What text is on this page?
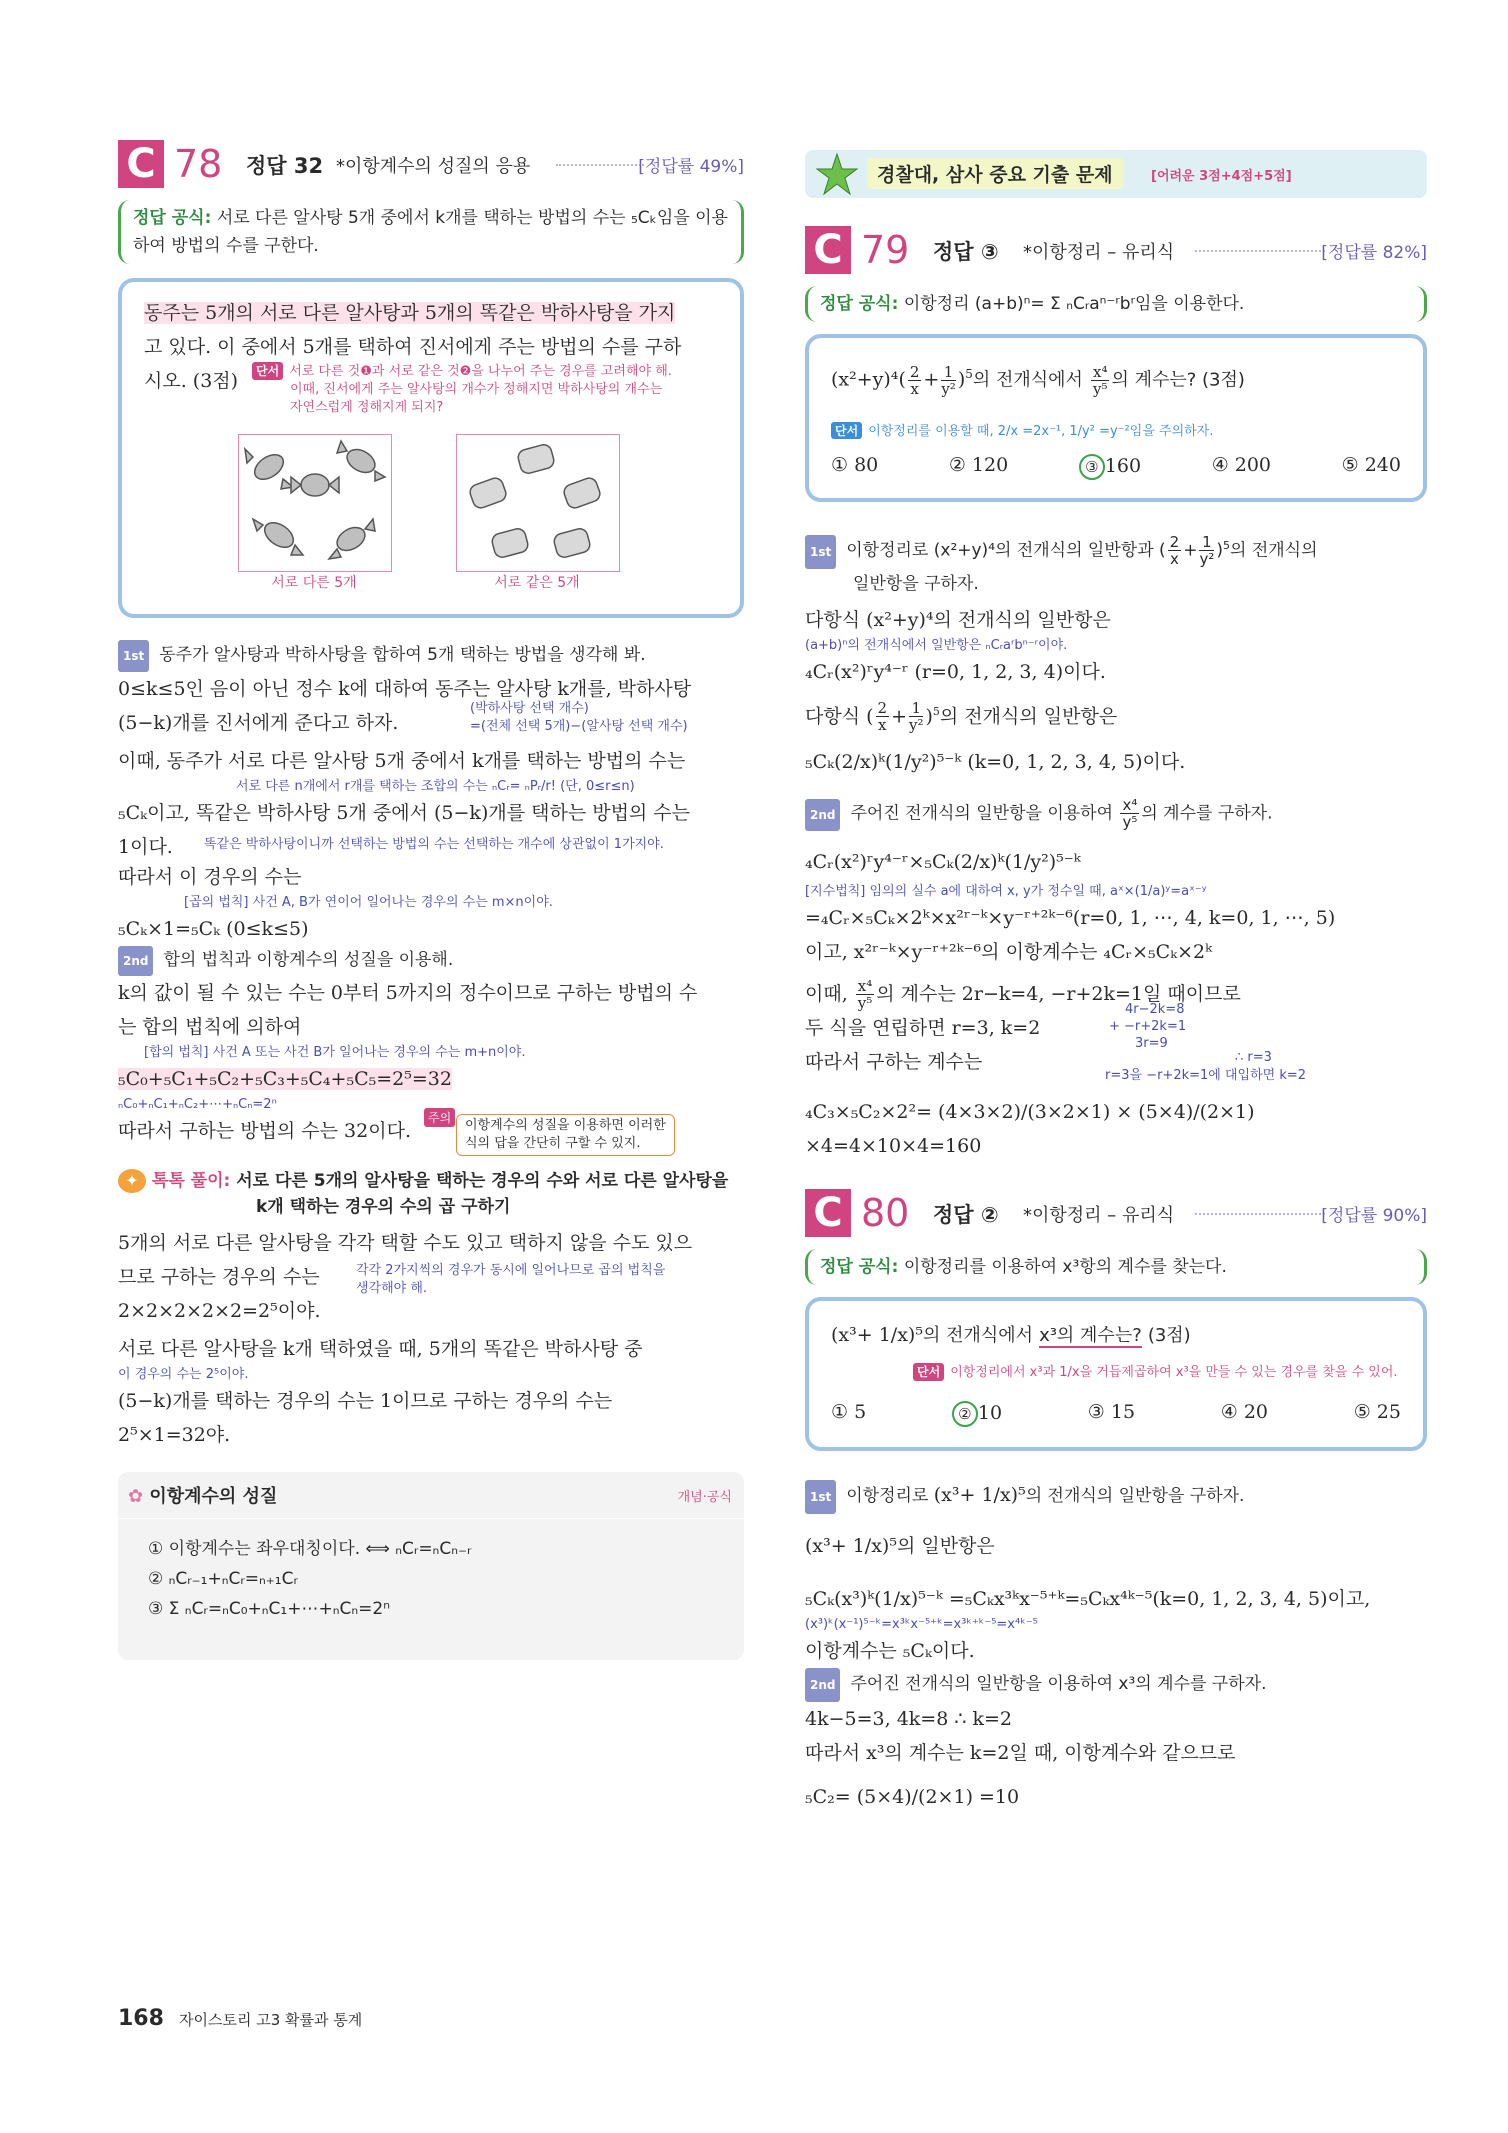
C 78 정답 32 *이항계수의 성질의 응용	[정답률 49%]
정답 공식: 서로 다른 알사탕 5개 중에서 k개를 택하는 방법의 수는 ₅Cₖ임을 이용
하여 방법의 수를 구한다.
동주는 5개의 서로 다른 알사탕과 5개의 똑같은 박하사탕을 가지
고 있다. 이 중에서 5개를 택하여 진서에게 주는 방법의 수를 구하
시오. (3점)	단서 서로 다른 것❶과 서로 같은 것❷을 나누어 주는 경우를 고려해야 해.
이때, 진서에게 주는 알사탕의 개수가 정해지면 박하사탕의 개수는
자연스럽게 정해지게 되지?
서로 다른 5개	서로 같은 5개
1st 동주가 알사탕과 박하사탕을 합하여 5개 택하는 방법을 생각해 봐.
0≤k≤5인 음이 아닌 정수 k에 대하여 동주는 알사탕 k개를, 박하사탕
(5−k)개를 진서에게 준다고 하자.
(박하사탕 선택 개수)
=(전체 선택 5개)−(알사탕 선택 개수)
이때, 동주가 서로 다른 알사탕 5개 중에서 k개를 택하는 방법의 수는
서로 다른 n개에서 r개를 택하는 조합의 수는 ₙCᵣ= ₙPᵣ/r! (단, 0≤r≤n)
₅Cₖ이고, 똑같은 박하사탕 5개 중에서 (5−k)개를 택하는 방법의 수는
1이다.	똑같은 박하사탕이니까 선택하는 방법의 수는 선택하는 개수에 상관없이 1가지야.
따라서 이 경우의 수는
[곱의 법칙] 사건 A, B가 연이어 일어나는 경우의 수는 m×n이야.
₅Cₖ×1=₅Cₖ (0≤k≤5)
2nd 합의 법칙과 이항계수의 성질을 이용해.
k의 값이 될 수 있는 수는 0부터 5까지의 정수이므로 구하는 방법의 수
는 합의 법칙에 의하여
[합의 법칙] 사건 A 또는 사건 B가 일어나는 경우의 수는 m+n이야.
₅C₀+₅C₁+₅C₂+₅C₃+₅C₄+₅C₅=2⁵=32
ₙC₀+ₙC₁+ₙC₂+⋯+ₙCₙ=2ⁿ
따라서 구하는 방법의 수는 32이다.
주의	이항계수의 성질을 이용하면 이러한
식의 답을 간단히 구할 수 있지.
✦ 톡톡 풀이: 서로 다른 5개의 알사탕을 택하는 경우의 수와 서로 다른 알사탕을
k개 택하는 경우의 수의 곱 구하기
5개의 서로 다른 알사탕을 각각 택할 수도 있고 택하지 않을 수도 있으
므로 구하는 경우의 수는	각각 2가지씩의 경우가 동시에 일어나므로 곱의 법칙을
생각해야 해.
2×2×2×2×2=2⁵이야.
서로 다른 알사탕을 k개 택하였을 때, 5개의 똑같은 박하사탕 중
이 경우의 수는 2⁵이야.
(5−k)개를 택하는 경우의 수는 1이므로 구하는 경우의 수는
2⁵×1=32야.
✿ 이항계수의 성질	개념·공식
① 이항계수는 좌우대칭이다. ⟺ ₙCᵣ=ₙCₙ₋ᵣ
② ₙCᵣ₋₁+ₙCᵣ=ₙ₊₁Cᵣ
③ Σ ₙCᵣ=ₙC₀+ₙC₁+⋯+ₙCₙ=2ⁿ
경찰대, 삼사 중요 기출 문제	[어려운 3점+4점+5점]
C 79 정답 ③ *이항정리 – 유리식	[정답률 82%]
정답 공식: 이항정리 (a+b)ⁿ= Σ ₙCᵣaⁿ⁻ʳbʳ임을 이용한다.
$(x^2+y)^4( \frac{2}{x} + \frac{1}{\text{y²}} )^5$의 전개식에서 $\frac{\text{x⁴}}{\text{y⁵}}$ 의 계수는? (3점)
단서 이항정리를 이용할 때, 2/x =2x⁻¹, 1/y² =y⁻²임을 주의하자.
① 80	② 120	③ 160	④ 200	⑤ 240
1st 이항정리로 (x²+y)⁴의 전개식의 일반항과 ( $\frac{2}{x} + \frac{1}{\text{y²}} )^5$의 전개식의
일반항을 구하자.
다항식 (x²+y)⁴의 전개식의 일반항은
(a+b)ⁿ의 전개식에서 일반항은 ₙCᵣaʳbⁿ⁻ʳ이야.
₄Cᵣ(x²)ʳy⁴⁻ʳ (r=0, 1, 2, 3, 4)이다.
다항식 ( $\frac{2}{x} + \frac{1}{\text{y²}} )^5$의 전개식의 일반항은
₅Cₖ(2/x)ᵏ(1/y²)⁵⁻ᵏ (k=0, 1, 2, 3, 4, 5)이다.
2nd 주어진 전개식의 일반항을 이용하여 $\frac{\text{x⁴}}{\text{y⁵}}$ 의 계수를 구하자.
₄Cᵣ(x²)ʳy⁴⁻ʳ×₅Cₖ(2/x)ᵏ(1/y²)⁵⁻ᵏ
[지수법칙] 임의의 실수 a에 대하여 x, y가 정수일 때, aˣ×(1/a)ʸ=aˣ⁻ʸ
=₄Cᵣ×₅Cₖ×2ᵏ×x²ʳ⁻ᵏ×y⁻ʳ⁺²ᵏ⁻⁶(r=0, 1, ⋯, 4, k=0, 1, ⋯, 5)
이고, x²ʳ⁻ᵏ×y⁻ʳ⁺²ᵏ⁻⁶의 이항계수는 ₄Cᵣ×₅Cₖ×2ᵏ
이때, $\frac{\text{x⁴}}{\text{y⁵}}$ 의 계수는 2r−k=4, −r+2k=1일 때이므로
두 식을 연립하면 r=3, k=2
따라서 구하는 계수는
4r−2k=8
+ −r+2k=1
3r=9
∴ r=3
r=3을 −r+2k=1에 대입하면 k=2
₄C₃×₅C₂×2²= (4×3×2)/(3×2×1) × (5×4)/(2×1) ×4=4×10×4=160
C 80 정답 ② *이항정리 – 유리식	[정답률 90%]
정답 공식: 이항정리를 이용하여 x³항의 계수를 찾는다.
(x³+ 1/x)⁵의 전개식에서 x³의 계수는? (3점)
단서 이항정리에서 x³과 1/x을 거듭제곱하여 x³을 만들 수 있는 경우를 찾을 수 있어.
① 5	② 10	③ 15	④ 20	⑤ 25
1st 이항정리로 (x³+ 1/x)⁵의 전개식의 일반항을 구하자.
(x³+ 1/x)⁵의 일반항은
₅Cₖ(x³)ᵏ(1/x)⁵⁻ᵏ =₅Cₖx³ᵏx⁻⁵⁺ᵏ=₅Cₖx⁴ᵏ⁻⁵(k=0, 1, 2, 3, 4, 5)이고,
(x³)ᵏ(x⁻¹)⁵⁻ᵏ=x³ᵏx⁻⁵⁺ᵏ=x³ᵏ⁺ᵏ⁻⁵=x⁴ᵏ⁻⁵
이항계수는 ₅Cₖ이다.
2nd 주어진 전개식의 일반항을 이용하여 x³의 계수를 구하자.
4k−5=3, 4k=8 ∴ k=2
따라서 x³의 계수는 k=2일 때, 이항계수와 같으므로
₅C₂= (5×4)/(2×1) =10
168 자이스토리 고3 확률과 통계
